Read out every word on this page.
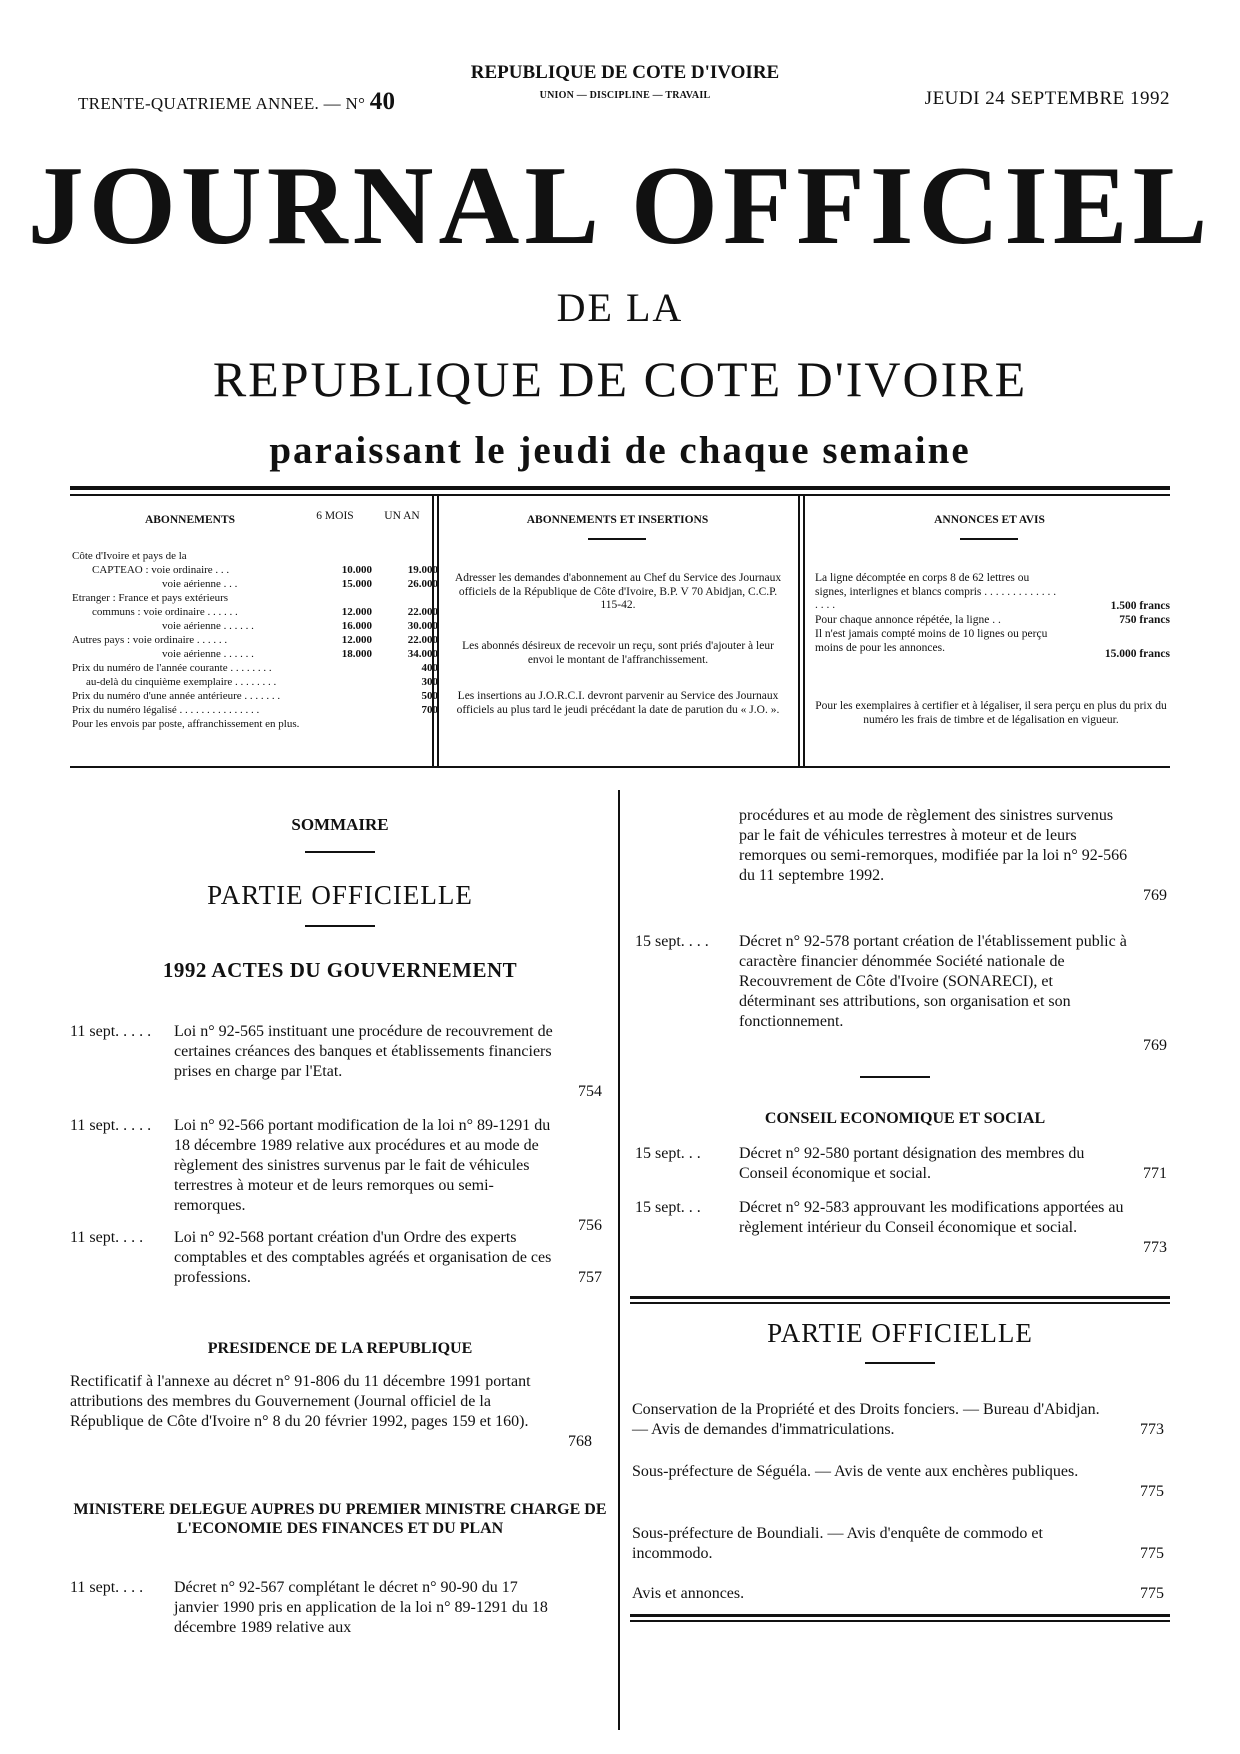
TRENTE-QUATRIEME ANNEE. — N° 40
REPUBLIQUE DE COTE D'IVOIRE
UNION — DISCIPLINE — TRAVAIL	JEUDI 24 SEPTEMBRE 1992
JOURNAL OFFICIEL
DE LA
REPUBLIQUE DE COTE D'IVOIRE
paraissant le jeudi de chaque semaine
ABONNEMENTS	6 MOIS	UN AN
Côte d'Ivoire et pays de la
CAPTEAO : voie ordinaire . . .	10.000	19.000
voie aérienne . . .	15.000	26.000
Etranger : France et pays extérieurs
communs : voie ordinaire . . . . . .	12.000	22.000
voie aérienne . . . . . .	16.000	30.000
Autres pays : voie ordinaire . . . . . .	12.000	22.000
voie aérienne . . . . . .	18.000	34.000
Prix du numéro de l'année courante . . . . . . . .	400
au-delà du cinquième exemplaire . . . . . . . .	300
Prix du numéro d'une année antérieure . . . . . . .	500
Prix du numéro légalisé . . . . . . . . . . . . . . .	700
Pour les envois par poste, affranchissement en plus.
ABONNEMENTS ET INSERTIONS
Adresser les demandes d'abonnement au Chef du Service des Journaux officiels de la République de Côte d'Ivoire, B.P. V 70 Abidjan, C.C.P. 115-42.
Les abonnés désireux de recevoir un reçu, sont priés d'ajouter à leur envoi le montant de l'affranchissement.
Les insertions au J.O.R.C.I. devront parvenir au Service des Journaux officiels au plus tard le jeudi précédant la date de parution du « J.O. ».
ANNONCES ET AVIS
La ligne décomptée en corps 8 de 62 lettres ou signes, interlignes et blancs compris . . . . . . . . . . . . . . . . .	1.500 francs
Pour chaque annonce répétée, la ligne . .	750 francs
Il n'est jamais compté moins de 10 lignes ou perçu moins de pour les annonces.
15.000 francs
Pour les exemplaires à certifier et à légaliser, il sera perçu en plus du prix du numéro les frais de timbre et de légalisation en vigueur.
SOMMAIRE
PARTIE OFFICIELLE
1992 ACTES DU GOUVERNEMENT
11 sept. . . . . Loi n° 92-565 instituant une procédure de recouvrement de certaines créances des banques et établissements financiers prises en charge par l'Etat.
754
11 sept. . . . . Loi n° 92-566 portant modification de la loi n° 89-1291 du 18 décembre 1989 relative aux procédures et au mode de règlement des sinistres survenus par le fait de véhicules terrestres à moteur et de leurs remorques ou semi-remorques.
756
11 sept. . . . Loi n° 92-568 portant création d'un Ordre des experts comptables et des comptables agréés et organisation de ces professions.	757
PRESIDENCE DE LA REPUBLIQUE
Rectificatif à l'annexe au décret n° 91-806 du 11 décembre 1991 portant attributions des membres du Gouvernement (Journal officiel de la République de Côte d'Ivoire n° 8 du 20 février 1992, pages 159 et 160).
768
MINISTERE DELEGUE AUPRES DU PREMIER MINISTRE CHARGE DE L'ECONOMIE DES FINANCES ET DU PLAN
11 sept. . . . Décret n° 92-567 complétant le décret n° 90-90 du 17 janvier 1990 pris en application de la loi n° 89-1291 du 18 décembre 1989 relative aux
procédures et au mode de règlement des sinistres survenus par le fait de véhicules terrestres à moteur et de leurs remorques ou semi-remorques, modifiée par la loi n° 92-566 du 11 septembre 1992.
769
15 sept. . . . Décret n° 92-578 portant création de l'établissement public à caractère financier dénommée Société nationale de Recouvrement de Côte d'Ivoire (SONARECI), et déterminant ses attributions, son organisation et son fonctionnement.
769
CONSEIL ECONOMIQUE ET SOCIAL
15 sept. . . Décret n° 92-580 portant désignation des membres du Conseil économique et social.	771
15 sept. . . Décret n° 92-583 approuvant les modifications apportées au règlement intérieur du Conseil économique et social.
773
PARTIE OFFICIELLE
Conservation de la Propriété et des Droits fonciers. — Bureau d'Abidjan. — Avis de demandes d'immatriculations.	773
Sous-préfecture de Séguéla. — Avis de vente aux enchères publiques.
775
Sous-préfecture de Boundiali. — Avis d'enquête de commodo et incommodo.	775
Avis et annonces.	775
